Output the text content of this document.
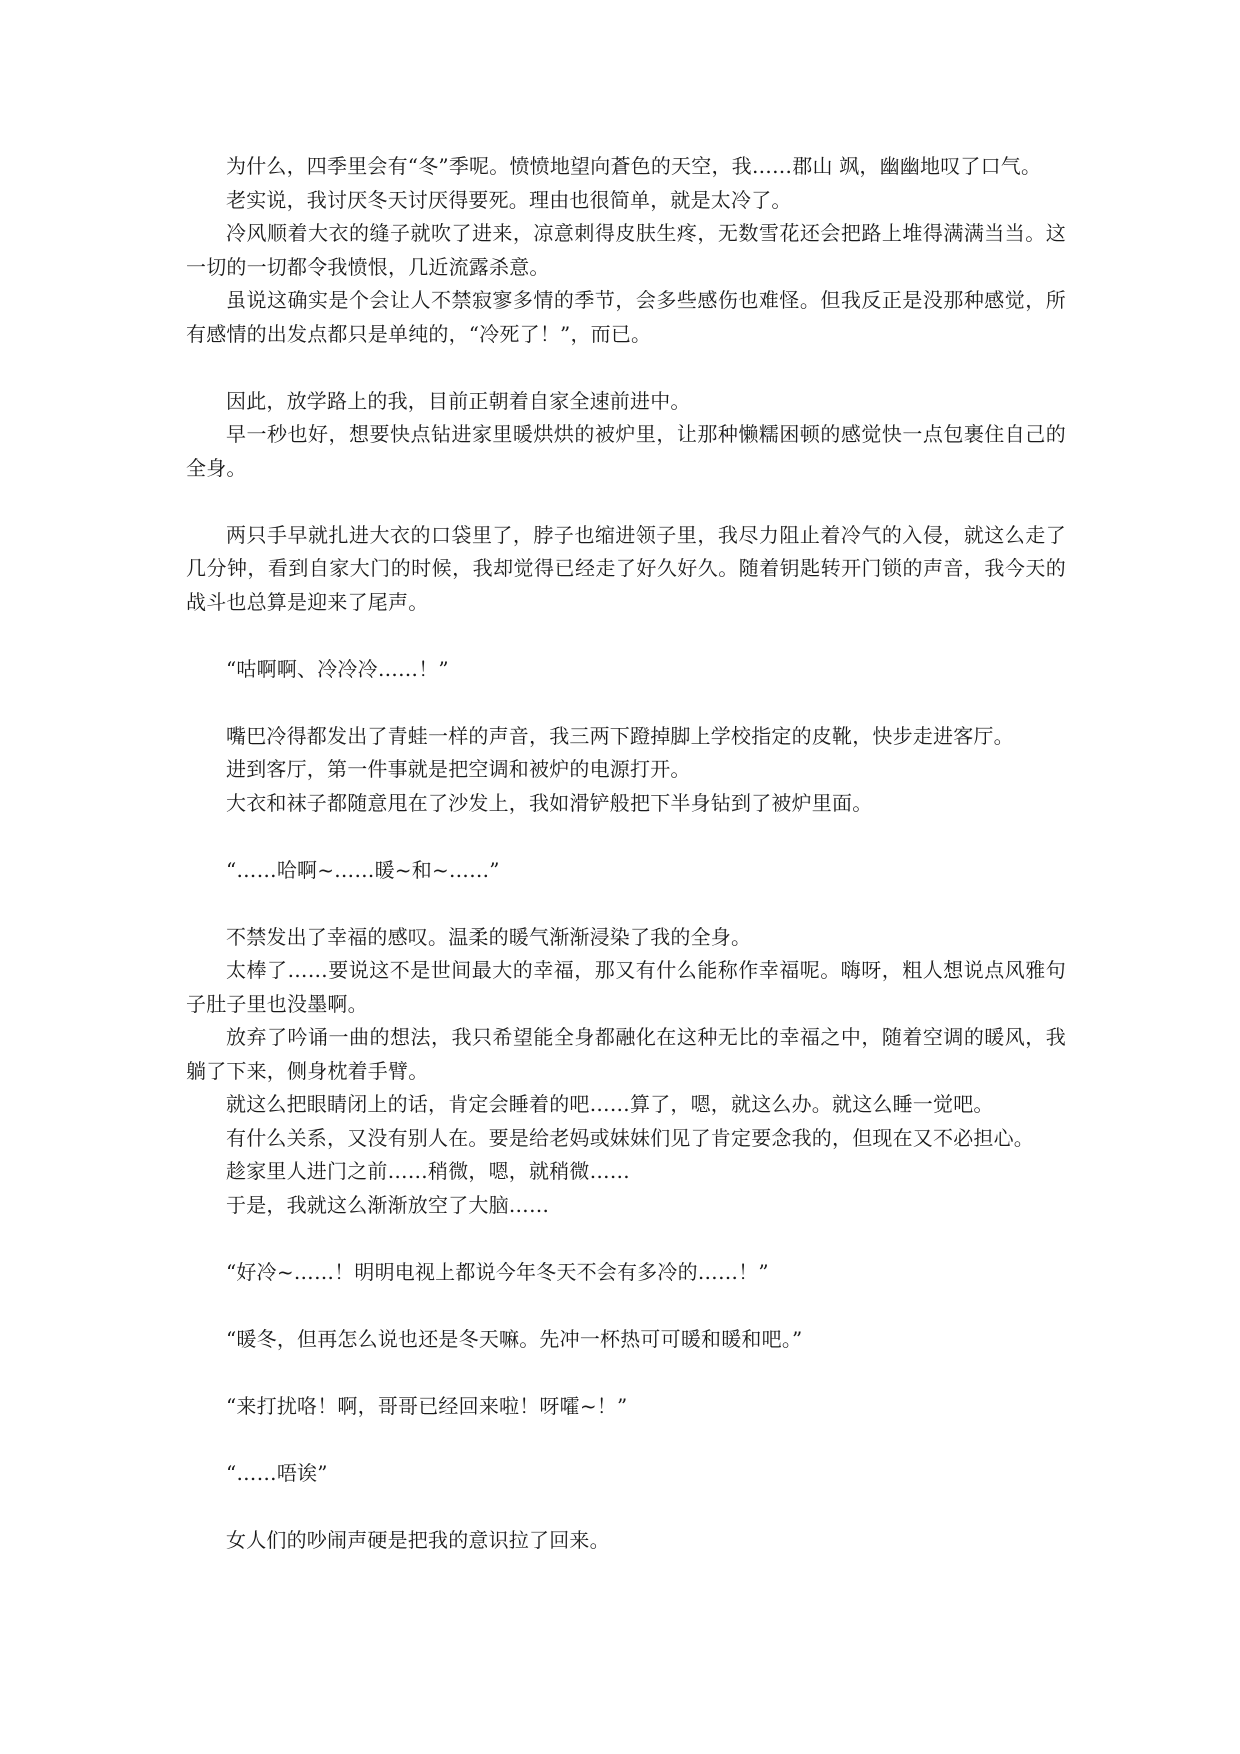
为什么，四季里会有“冬”季呢。愤愤地望向蒼色的天空，我……郡山 飒，幽幽地叹了口气。

老实说，我讨厌冬天讨厌得要死。理由也很简单，就是太冷了。

冷风顺着大衣的缝子就吹了进来，凉意刺得皮肤生疼，无数雪花还会把路上堆得满满当当。这一切的一切都令我愤恨，几近流露杀意。

虽说这确实是个会让人不禁寂寥多情的季节，会多些感伤也难怪。但我反正是没那种感觉，所有感情的出发点都只是单纯的，“冷死了！”，而已。

因此，放学路上的我，目前正朝着自家全速前进中。

早一秒也好，想要快点钻进家里暖烘烘的被炉里，让那种懒糯困顿的感觉快一点包裹住自己的全身。

两只手早就扎进大衣的口袋里了，脖子也缩进领子里，我尽力阻止着冷气的入侵，就这么走了几分钟，看到自家大门的时候，我却觉得已经走了好久好久。随着钥匙转开门锁的声音，我今天的战斗也总算是迎来了尾声。

“咕啊啊、冷冷冷……！”

嘴巴冷得都发出了青蛙一样的声音，我三两下蹬掉脚上学校指定的皮靴，快步走进客厅。

进到客厅，第一件事就是把空调和被炉的电源打开。

大衣和袜子都随意甩在了沙发上，我如滑铲般把下半身钻到了被炉里面。

“……哈啊~……暖~和~……”

不禁发出了幸福的感叹。温柔的暖气渐渐浸染了我的全身。

太棒了……要说这不是世间最大的幸福，那又有什么能称作幸福呢。嗨呀，粗人想说点风雅句子肚子里也没墨啊。

放弃了吟诵一曲的想法，我只希望能全身都融化在这种无比的幸福之中，随着空调的暖风，我躺了下来，侧身枕着手臂。

就这么把眼睛闭上的话，肯定会睡着的吧……算了，嗯，就这么办。就这么睡一觉吧。

有什么关系，又没有别人在。要是给老妈或妹妹们见了肯定要念我的，但现在又不必担心。

趁家里人进门之前……稍微，嗯，就稍微……

于是，我就这么渐渐放空了大脑……

“好冷~……！明明电视上都说今年冬天不会有多冷的……！”

“暖冬，但再怎么说也还是冬天嘛。先冲一杯热可可暖和暖和吧。”

“来打扰咯！啊，哥哥已经回来啦！呀嚯~！”

“……唔诶”

女人们的吵闹声硬是把我的意识拉了回来。
